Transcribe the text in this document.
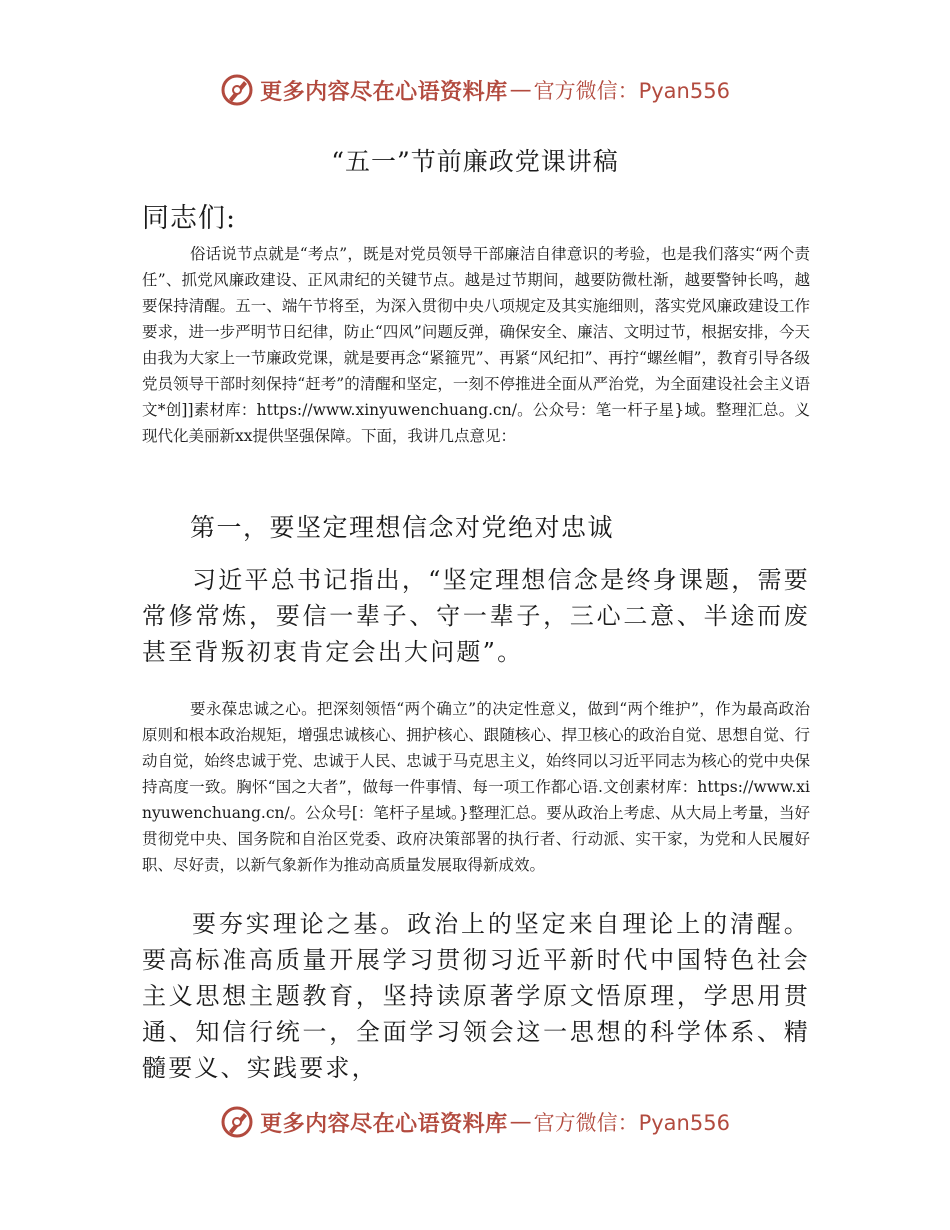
更多内容尽在心语资料库 — 官方微信：Pyan556
“五一”节前廉政党课讲稿
同志们:

俗话说节点就是“考点”，既是对党员领导干部廉洁自律意识的考验，也是我们落实“两个责任”、抓党风廉政建设、正风肃纪的关键节点。越是过节期间，越要防微杜渐，越要警钟长鸣，越要保持清醒。五一、端午节将至，为深入贯彻中央八项规定及其实施细则，落实党风廉政建设工作要求，进一步严明节日纪律，防止“四风”问题反弹，确保安全、廉洁、文明过节，根据安排，今天由我为大家上一节廉政党课，就是要再念“紧箍咒”、再紧“风纪扣”、再拧“螺丝帽”，教育引导各级党员领导干部时刻保持“赶考”的清醒和坚定，一刻不停推进全面从严治党，为全面建设社会主义语文*创]]素材库：https://www.xinyuwenchuang.cn/。公众号：笔一杆子星}域。整理汇总。义现代化美丽新xx提供坚强保障。下面，我讲几点意见：

第一，要坚定理想信念对党绝对忠诚

习近平总书记指出，“坚定理想信念是终身课题，需要常修常炼，要信一辈子、守一辈子，三心二意、半途而废甚至背叛初衷肯定会出大问题”。

要永葆忠诚之心。把深刻领悟“两个确立”的决定性意义，做到“两个维护”，作为最高政治原则和根本政治规矩，增强忠诚核心、拥护核心、跟随核心、捍卫核心的政治自觉、思想自觉、行动自觉，始终忠诚于党、忠诚于人民、忠诚于马克思主义，始终同以习近平同志为核心的党中央保持高度一致。胸怀“国之大者”，做每一件事情、每一项工作都心语.文创素材库：https://www.xinyuwenchuang.cn/。公众号[：笔杆子星域。}整理汇总。要从政治上考虑、从大局上考量，当好贯彻党中央、国务院和自治区党委、政府决策部署的执行者、行动派、实干家，为党和人民履好职、尽好责，以新气象新作为推动高质量发展取得新成效。

要夯实理论之基。政治上的坚定来自理论上的清醒。要高标准高质量开展学习贯彻习近平新时代中国特色社会主义思想主题教育，坚持读原著学原文悟原理，学思用贯通、知信行统一，全面学习领会这一思想的科学体系、精髓要义、实践要求，

更多内容尽在心语资料库 — 官方微信：Pyan556
